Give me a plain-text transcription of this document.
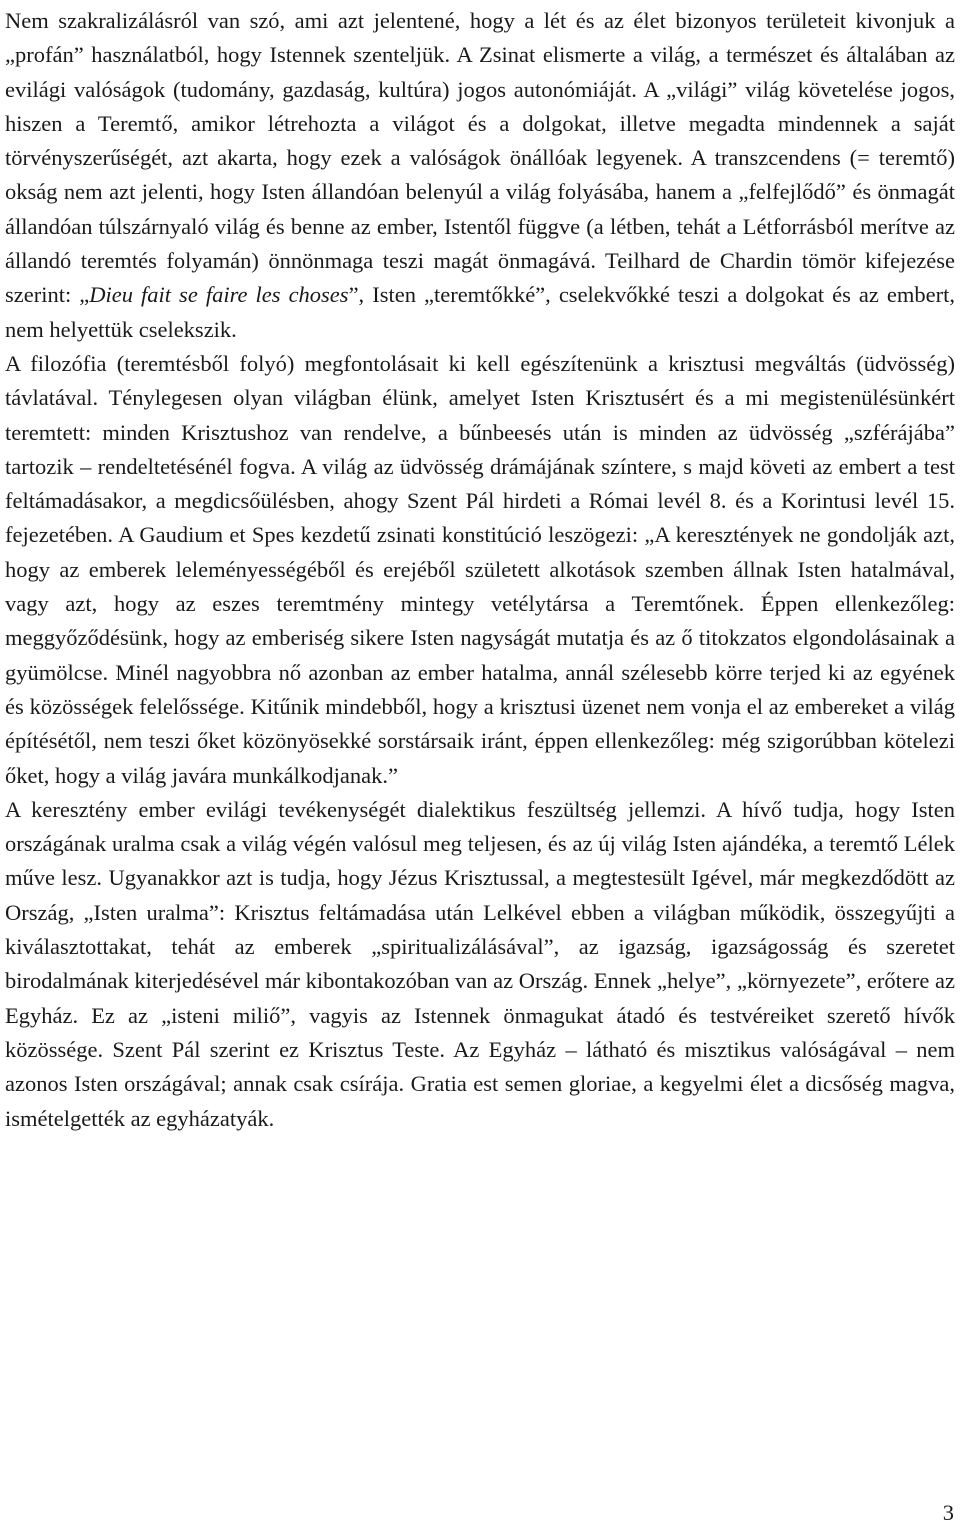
Nem szakralizálásról van szó, ami azt jelentené, hogy a lét és az élet bizonyos területeit kivonjuk a „profán” használatból, hogy Istennek szenteljük. A Zsinat elismerte a világ, a természet és általában az evilági valóságok (tudomány, gazdaság, kultúra) jogos autonómiáját. A „világi” világ követelése jogos, hiszen a Teremtő, amikor létrehozta a világot és a dolgokat, illetve megadta mindennek a saját törvényszerűségét, azt akarta, hogy ezek a valóságok önállóak legyenek. A transzcendens (= teremtő) okság nem azt jelenti, hogy Isten állandóan belenyúl a világ folyásába, hanem a „felfejlődő” és önmagát állandóan túlszárnyaló világ és benne az ember, Istentől függve (a létben, tehát a Létforrásból merítve az állandó teremtés folyamán) önnönmaga teszi magát önmagává. Teilhard de Chardin tömör kifejezése szerint: „Dieu fait se faire les choses”, Isten „teremtőkké”, cselekvőkké teszi a dolgokat és az embert, nem helyettük cselekszik.

A filozófia (teremtésből folyó) megfontolásait ki kell egészítenünk a krisztusi megváltás (üdvösség) távlatával. Ténylegesen olyan világban élünk, amelyet Isten Krisztusért és a mi megistenülésünkért teremtett: minden Krisztushoz van rendelve, a bűnbeesés után is minden az üdvösség „szférájába” tartozik – rendeltetésénél fogva. A világ az üdvösség drámájának színtere, s majd követi az embert a test feltámadásakor, a megdicsőülésben, ahogy Szent Pál hirdeti a Római levél 8. és a Korintusi levél 15. fejezetében. A Gaudium et Spes kezdetű zsinati konstitúció leszögezi: „A keresztények ne gondolják azt, hogy az emberek leleményességéből és erejéből született alkotások szemben állnak Isten hatalmával, vagy azt, hogy az eszes teremtmény mintegy vetélytársa a Teremtőnek. Éppen ellenkezőleg: meggyőződésünk, hogy az emberiség sikere Isten nagyságát mutatja és az ő titokzatos elgondolásainak a gyümölcse. Minél nagyobbra nő azonban az ember hatalma, annál szélesebb körre terjed ki az egyének és közösségek felelőssége. Kitűnik mindebből, hogy a krisztusi üzenet nem vonja el az embereket a világ építésétől, nem teszi őket közönyösekké sorstársaik iránt, éppen ellenkezőleg: még szigorúbban kötelezi őket, hogy a világ javára munkálkodjanak.”

A keresztény ember evilági tevékenységét dialektikus feszültség jellemzi. A hívő tudja, hogy Isten országának uralma csak a világ végén valósul meg teljesen, és az új világ Isten ajándéka, a teremtő Lélek műve lesz. Ugyanakkor azt is tudja, hogy Jézus Krisztussal, a megtestesült Igével, már megkezdődött az Ország, „Isten uralma”: Krisztus feltámadása után Lelkével ebben a világban működik, összegyűjti a kiválasztottakat, tehát az emberek „spiritualizálásával”, az igazság, igazságosság és szeretet birodalmának kiterjedésével már kibontakozóban van az Ország. Ennek „helye”, „környezete”, erőtere az Egyház. Ez az „isteni miliő”, vagyis az Istennek önmagukat átadó és testvéreiket szerető hívők közössége. Szent Pál szerint ez Krisztus Teste. Az Egyház – látható és misztikus valóságával – nem azonos Isten országával; annak csak csírája. Gratia est semen gloriae, a kegyelmi élet a dicsőség magva, ismételgették az egyházatyák.

3
